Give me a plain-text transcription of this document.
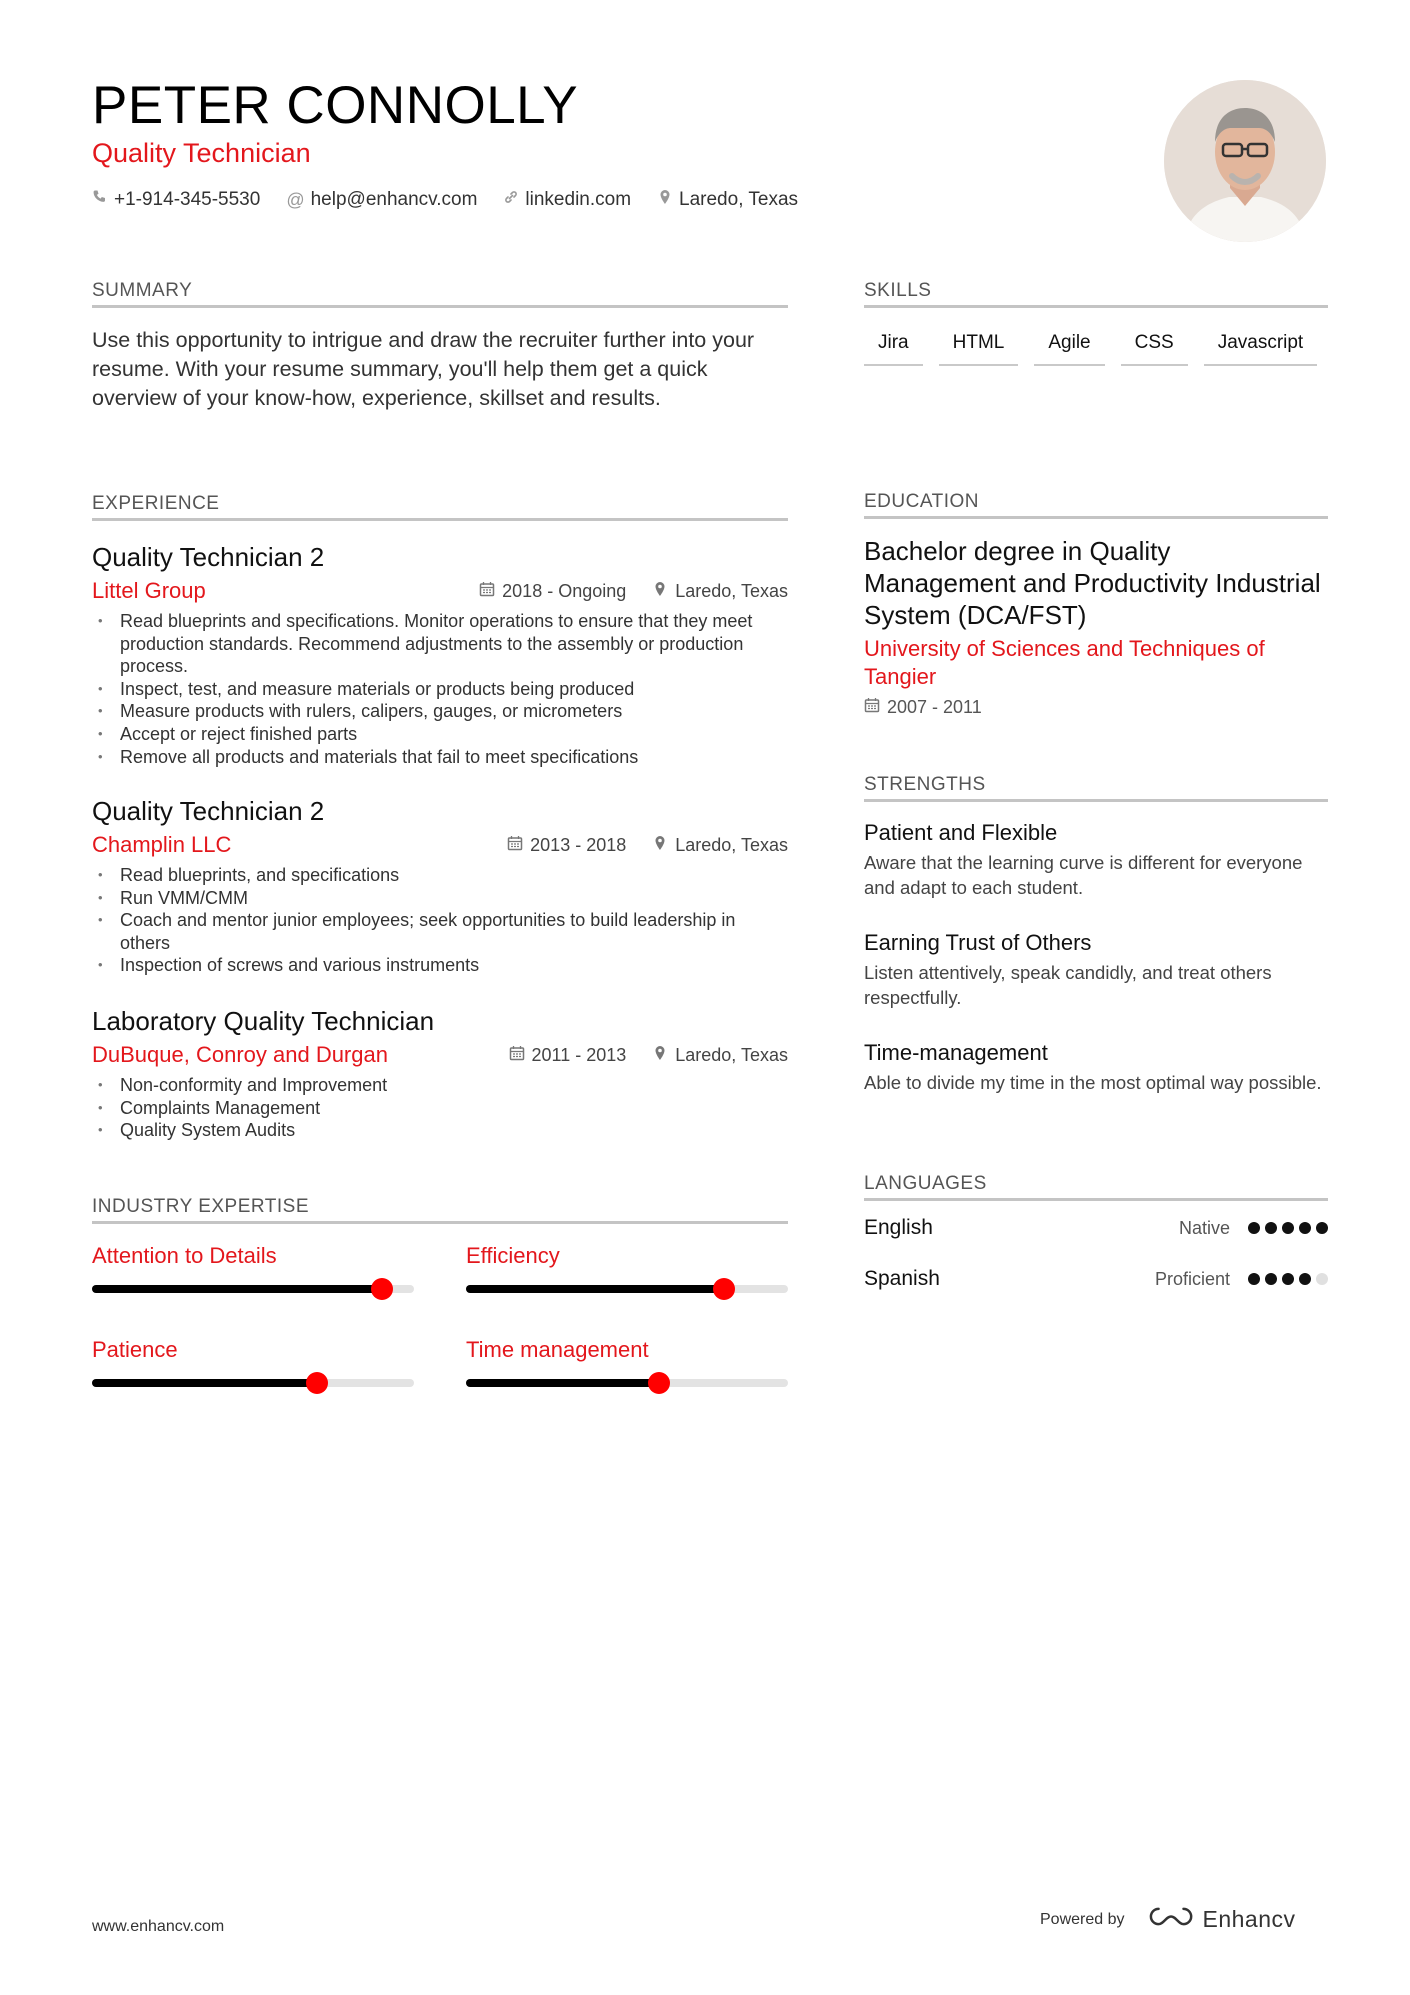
PETER CONNOLLY
Quality Technician
+1-914-345-5530 @ help@enhancv.com	linkedin.com	Laredo, Texas
SUMMARY

Use this opportunity to intrigue and draw the recruiter further into your resume. With your resume summary, you'll help them get a quick overview of your know-how, experience, skillset and results.

EXPERIENCE
Quality Technician 2
Littel Group	2018 - Ongoing	Laredo, Texas
• Read blueprints and specifications. Monitor operations to ensure that they meet production standards. Recommend adjustments to the assembly or production process.
• Inspect, test, and measure materials or products being produced
• Measure products with rulers, calipers, gauges, or micrometers
• Accept or reject finished parts
• Remove all products and materials that fail to meet specifications
Quality Technician 2
Champlin LLC	2013 - 2018	Laredo, Texas
• Read blueprints, and specifications
• Run VMM/CMM
• Coach and mentor junior employees; seek opportunities to build leadership in others
• Inspection of screws and various instruments
Laboratory Quality Technician
DuBuque, Conroy and Durgan	2011 - 2013	Laredo, Texas
• Non-conformity and Improvement
• Complaints Management
• Quality System Audits
INDUSTRY EXPERTISE
Attention to Details	Efficiency
Patience	Time management
SKILLS
Jira	HTML	Agile	CSS	Javascript
EDUCATION
Bachelor degree in Quality Management and Productivity Industrial System (DCA/FST)
University of Sciences and Techniques of Tangier
2007 - 2011
STRENGTHS
Patient and Flexible
Aware that the learning curve is different for everyone and adapt to each student.
Earning Trust of Others
Listen attentively, speak candidly, and treat others respectfully.
Time-management
Able to divide my time in the most optimal way possible.
LANGUAGES
English	Native
Spanish	Proficient
www.enhancv.com	Powered by	Enhancv
